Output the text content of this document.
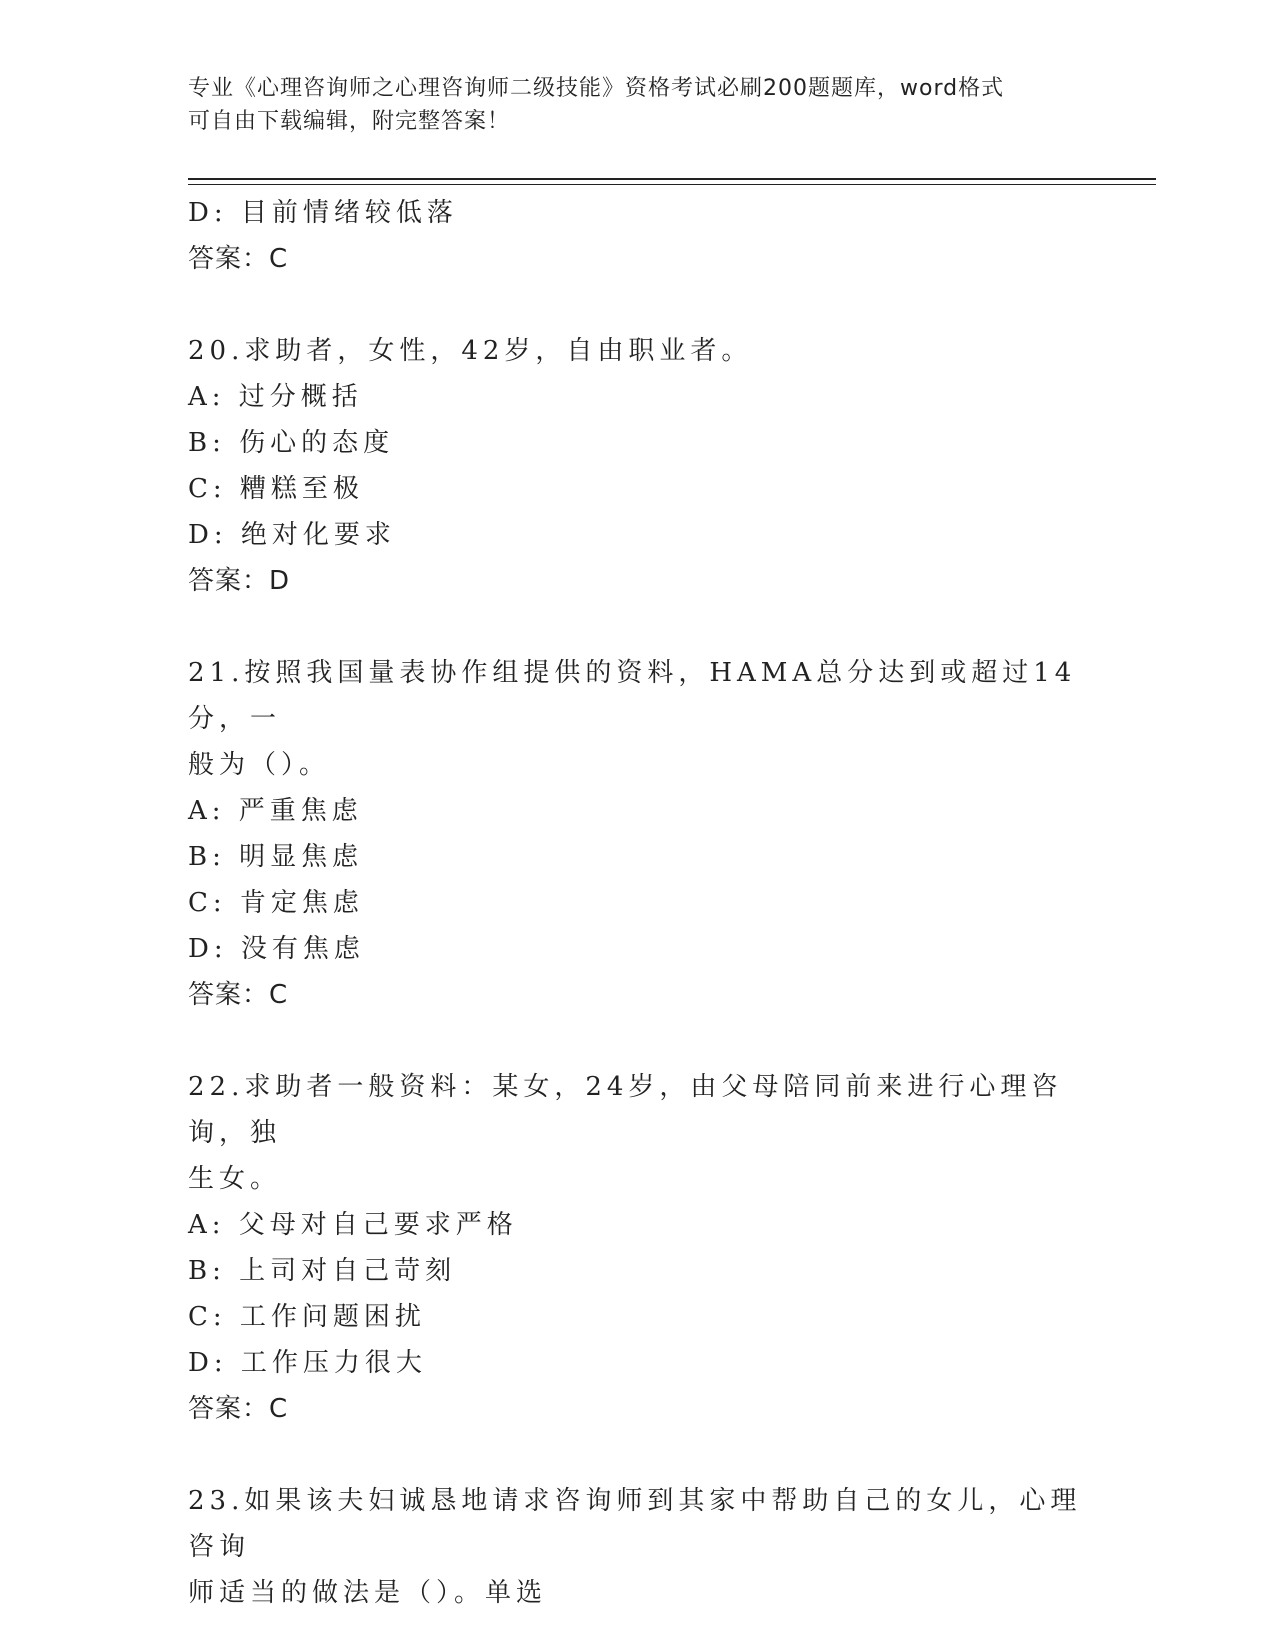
专业《心理咨询师之心理咨询师二级技能》资格考试必刷200题题库，word格式
可自由下载编辑，附完整答案！
D: 目前情绪较低落
答案：C
20.求助者，女性，42岁，自由职业者。
A: 过分概括
B: 伤心的态度
C: 糟糕至极
D: 绝对化要求
答案：D
21.按照我国量表协作组提供的资料，HAMA总分达到或超过14分，一
般为（）。
A: 严重焦虑
B: 明显焦虑
C: 肯定焦虑
D: 没有焦虑
答案：C
22.求助者一般资料：某女，24岁，由父母陪同前来进行心理咨询，独
生女。
A: 父母对自己要求严格
B: 上司对自己苛刻
C: 工作问题困扰
D: 工作压力很大
答案：C
23.如果该夫妇诚恳地请求咨询师到其家中帮助自己的女儿，心理咨询
师适当的做法是（）。单选
